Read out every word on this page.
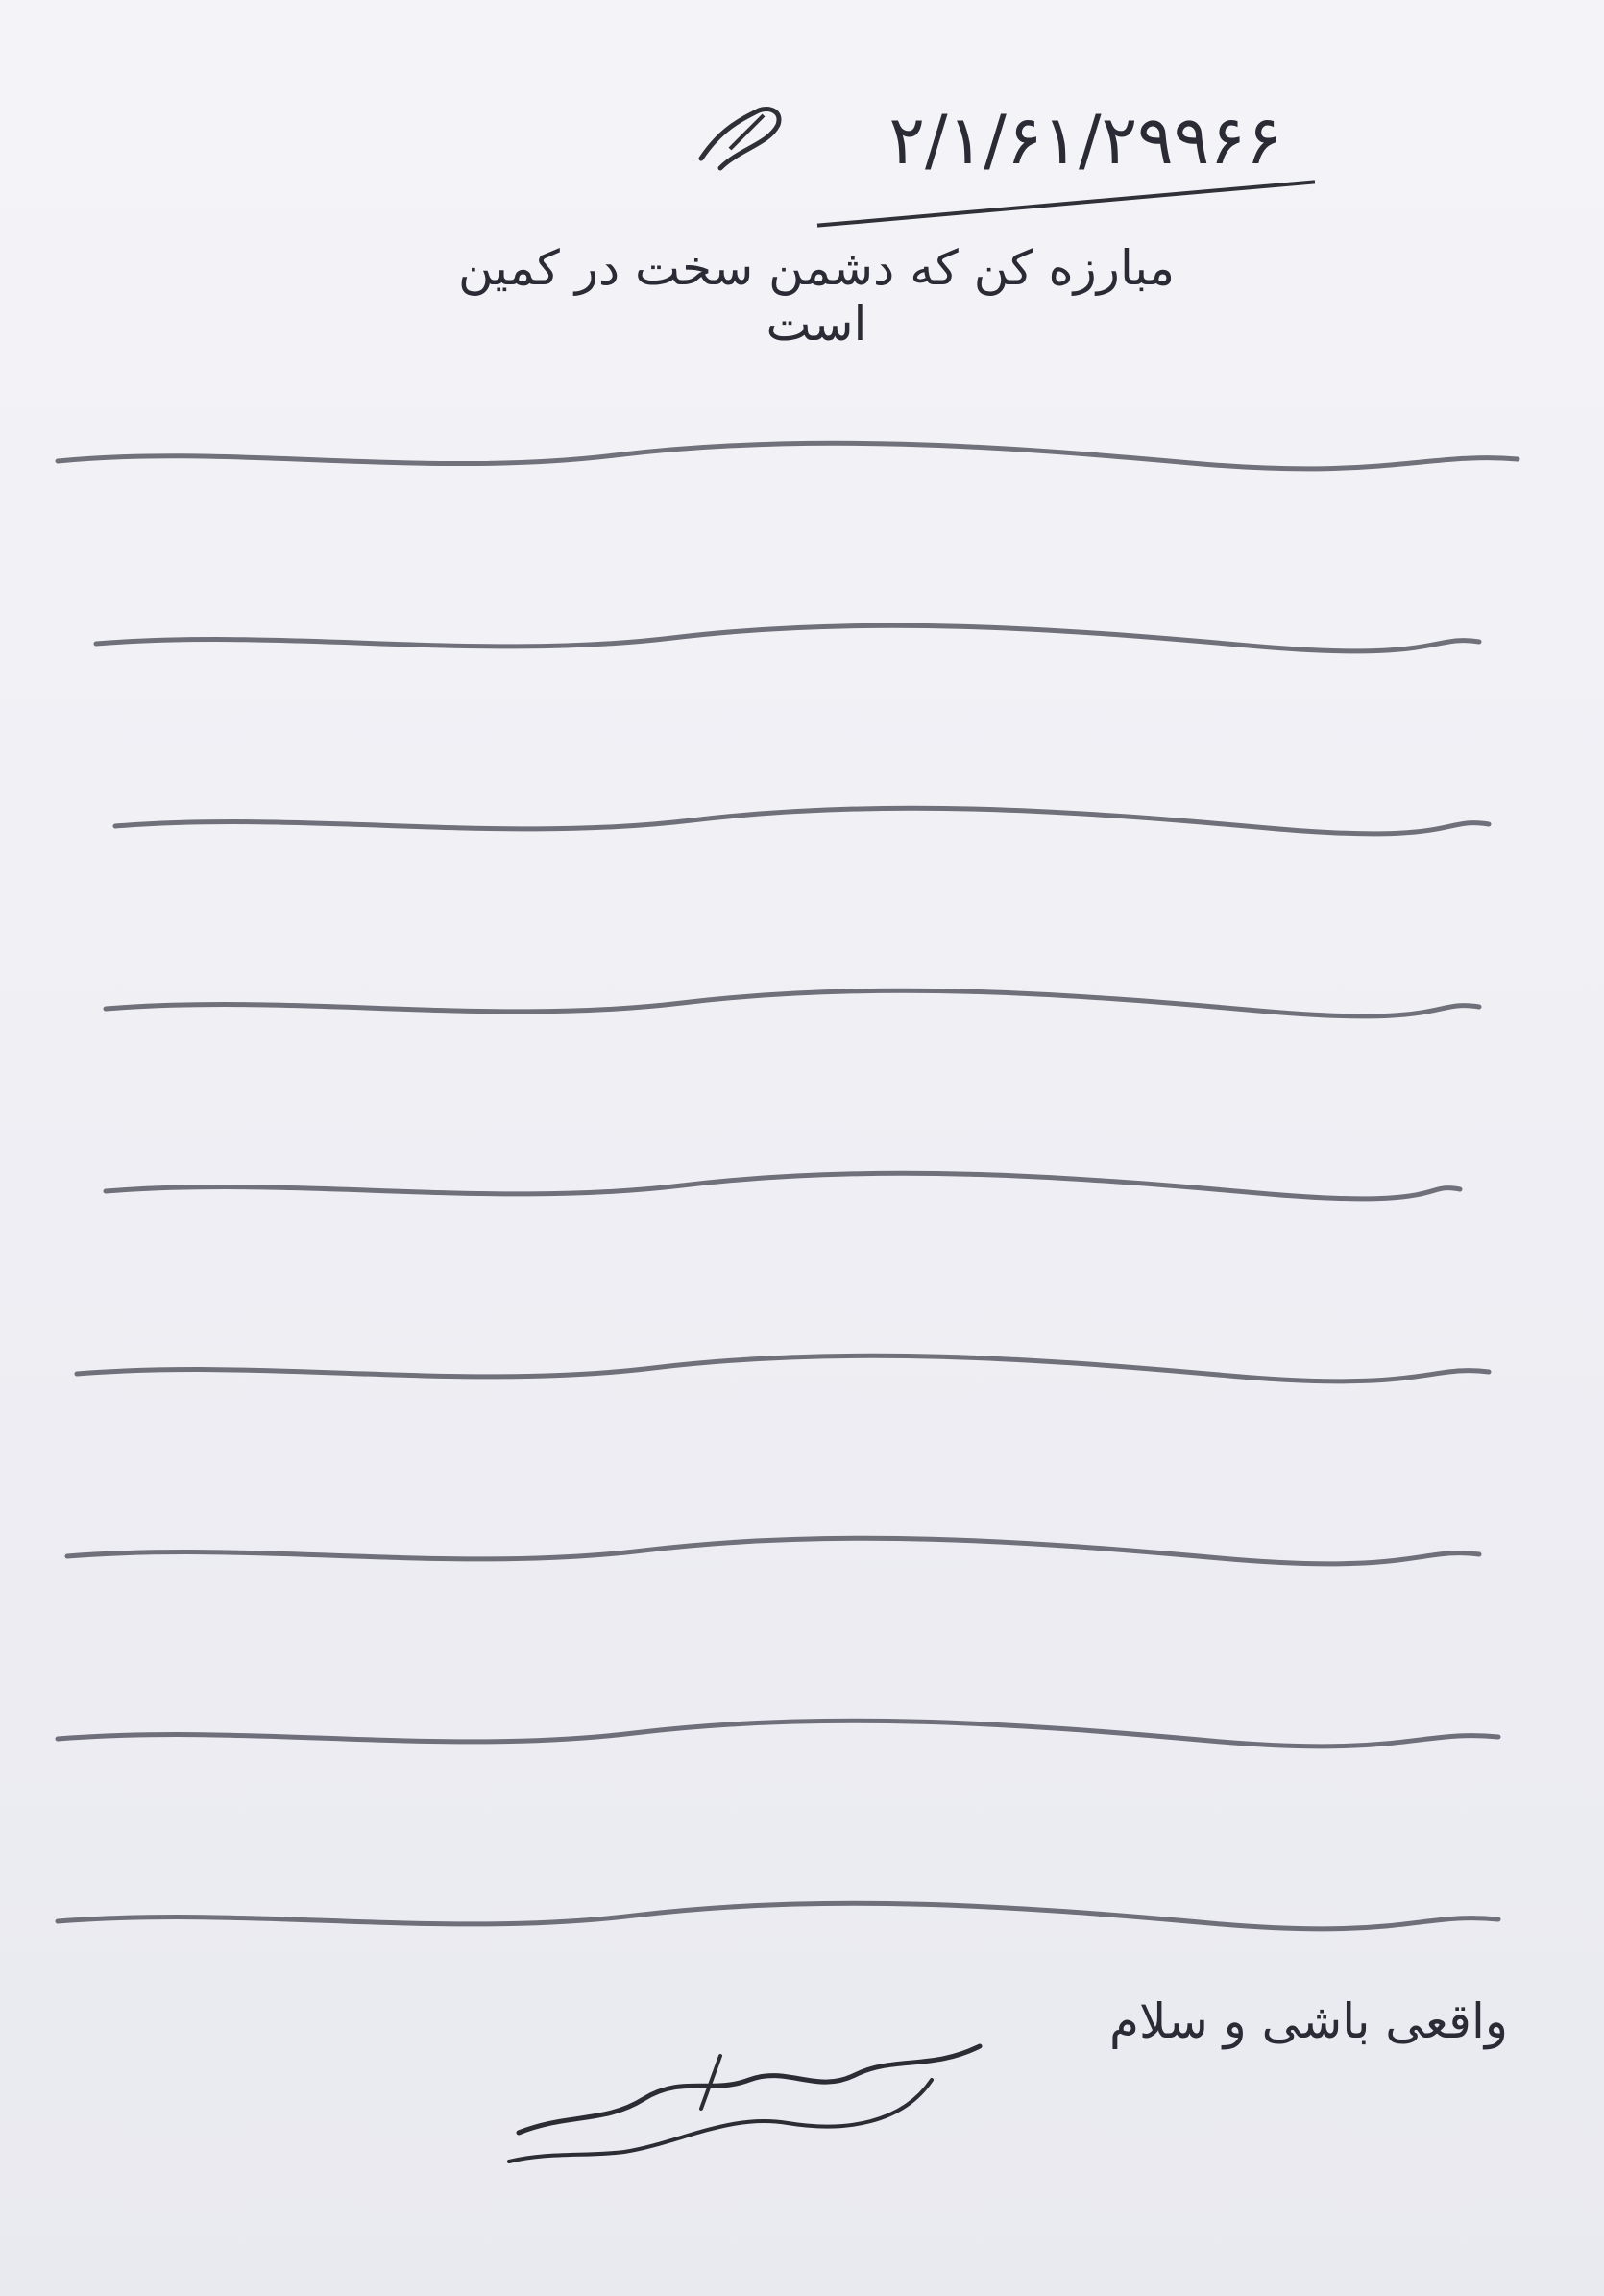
۲/۱/۶۱/۲۹۹۶۶
مبارزه کن که دشمن سخت در کمین است
واقعی باشی و سلام
